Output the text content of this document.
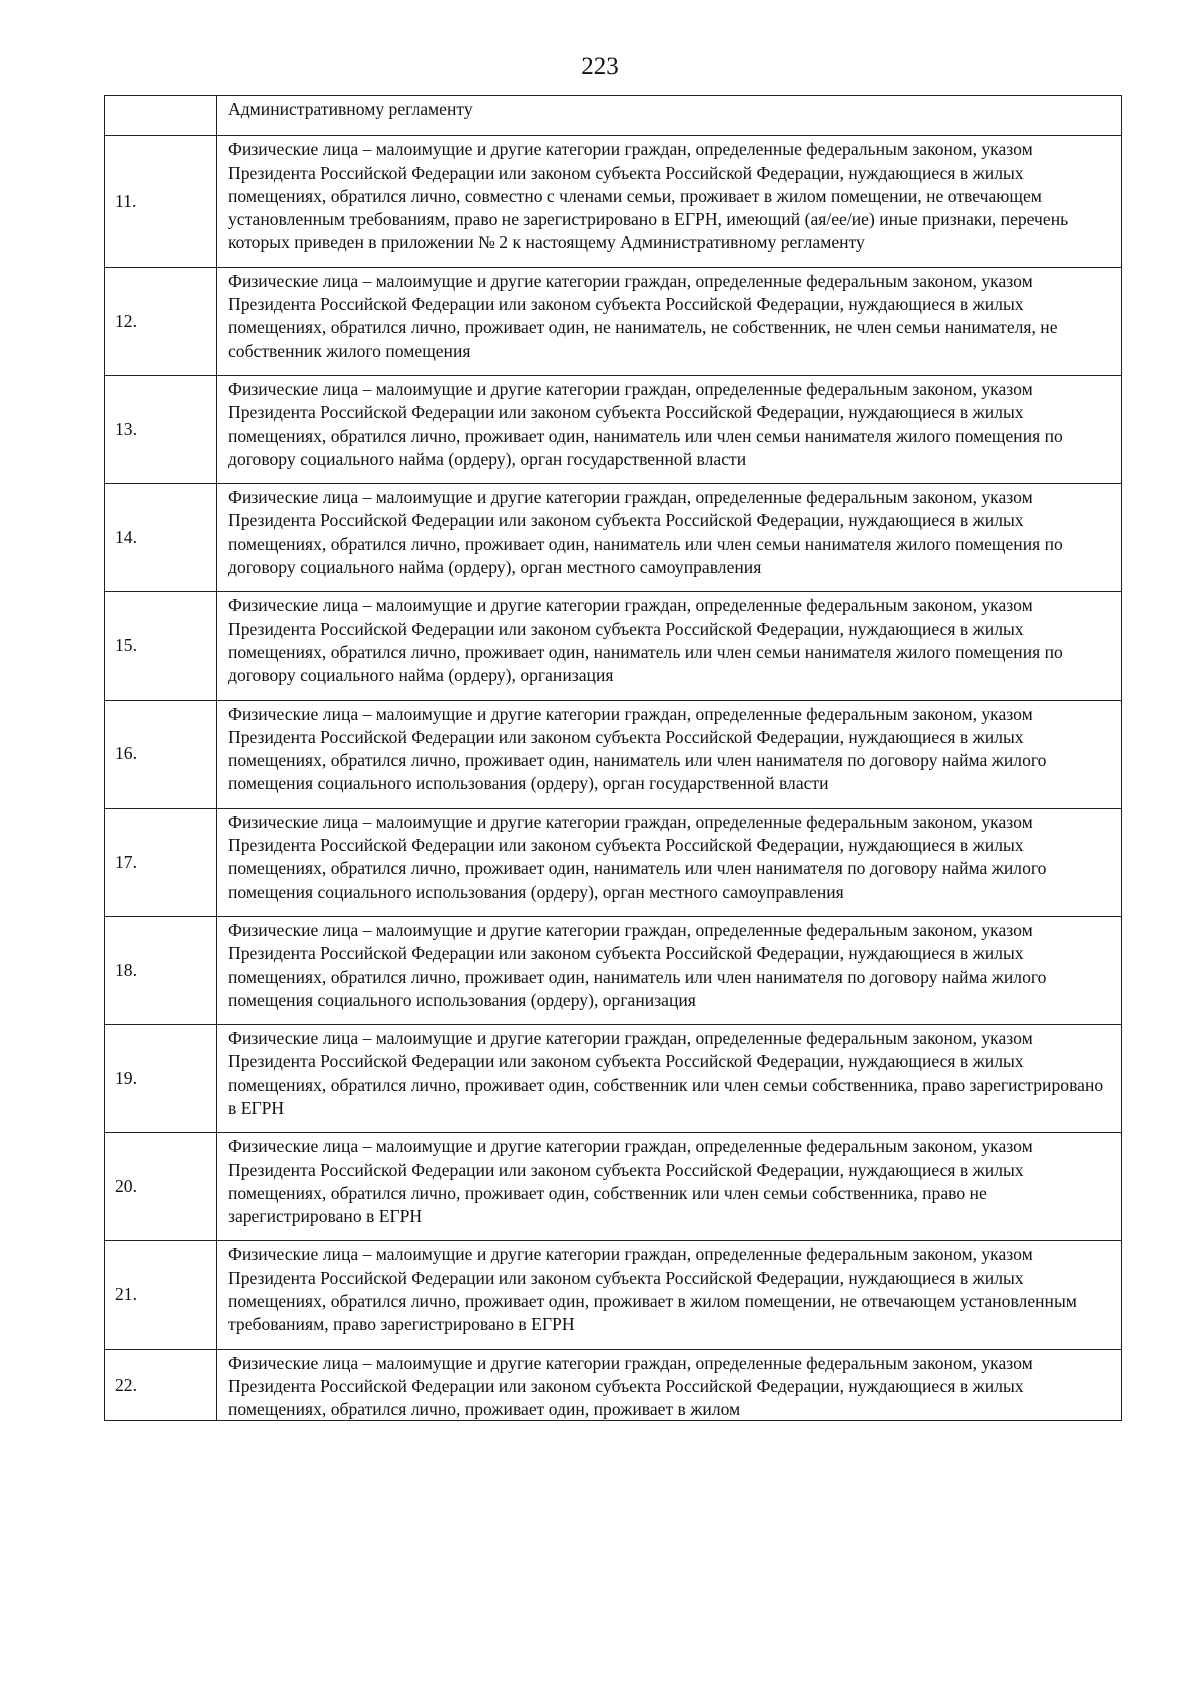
223
	Административному регламенту
11.	Физические лица – малоимущие и другие категории граждан, определенные федеральным законом, указом Президента Российской Федерации или законом субъекта Российской Федерации, нуждающиеся в жилых помещениях, обратился лично, совместно с членами семьи, проживает в жилом помещении, не отвечающем установленным требованиям, право не зарегистрировано в ЕГРН, имеющий (ая/ее/ие) иные признаки, перечень которых приведен в приложении № 2 к настоящему Административному регламенту
12.	Физические лица – малоимущие и другие категории граждан, определенные федеральным законом, указом Президента Российской Федерации или законом субъекта Российской Федерации, нуждающиеся в жилых помещениях, обратился лично, проживает один, не наниматель, не собственник, не член семьи нанимателя, не собственник жилого помещения
13.	Физические лица – малоимущие и другие категории граждан, определенные федеральным законом, указом Президента Российской Федерации или законом субъекта Российской Федерации, нуждающиеся в жилых помещениях, обратился лично, проживает один, наниматель или член семьи нанимателя жилого помещения по договору социального найма (ордеру), орган государственной власти
14.	Физические лица – малоимущие и другие категории граждан, определенные федеральным законом, указом Президента Российской Федерации или законом субъекта Российской Федерации, нуждающиеся в жилых помещениях, обратился лично, проживает один, наниматель или член семьи нанимателя жилого помещения по договору социального найма (ордеру), орган местного самоуправления
15.	Физические лица – малоимущие и другие категории граждан, определенные федеральным законом, указом Президента Российской Федерации или законом субъекта Российской Федерации, нуждающиеся в жилых помещениях, обратился лично, проживает один, наниматель или член семьи нанимателя жилого помещения по договору социального найма (ордеру), организация
16.	Физические лица – малоимущие и другие категории граждан, определенные федеральным законом, указом Президента Российской Федерации или законом субъекта Российской Федерации, нуждающиеся в жилых помещениях, обратился лично, проживает один, наниматель или член нанимателя по договору найма жилого помещения социального использования (ордеру), орган государственной власти
17.	Физические лица – малоимущие и другие категории граждан, определенные федеральным законом, указом Президента Российской Федерации или законом субъекта Российской Федерации, нуждающиеся в жилых помещениях, обратился лично, проживает один, наниматель или член нанимателя по договору найма жилого помещения социального использования (ордеру), орган местного самоуправления
18.	Физические лица – малоимущие и другие категории граждан, определенные федеральным законом, указом Президента Российской Федерации или законом субъекта Российской Федерации, нуждающиеся в жилых помещениях, обратился лично, проживает один, наниматель или член нанимателя по договору найма жилого помещения социального использования (ордеру), организация
19.	Физические лица – малоимущие и другие категории граждан, определенные федеральным законом, указом Президента Российской Федерации или законом субъекта Российской Федерации, нуждающиеся в жилых помещениях, обратился лично, проживает один, собственник или член семьи собственника, право зарегистрировано в ЕГРН
20.	Физические лица – малоимущие и другие категории граждан, определенные федеральным законом, указом Президента Российской Федерации или законом субъекта Российской Федерации, нуждающиеся в жилых помещениях, обратился лично, проживает один, собственник или член семьи собственника, право не зарегистрировано в ЕГРН
21.	Физические лица – малоимущие и другие категории граждан, определенные федеральным законом, указом Президента Российской Федерации или законом субъекта Российской Федерации, нуждающиеся в жилых помещениях, обратился лично, проживает один, проживает в жилом помещении, не отвечающем установленным требованиям, право зарегистрировано в ЕГРН
22.	Физические лица – малоимущие и другие категории граждан, определенные федеральным законом, указом Президента Российской Федерации или законом субъекта Российской Федерации, нуждающиеся в жилых помещениях, обратился лично, проживает один, проживает в жилом
